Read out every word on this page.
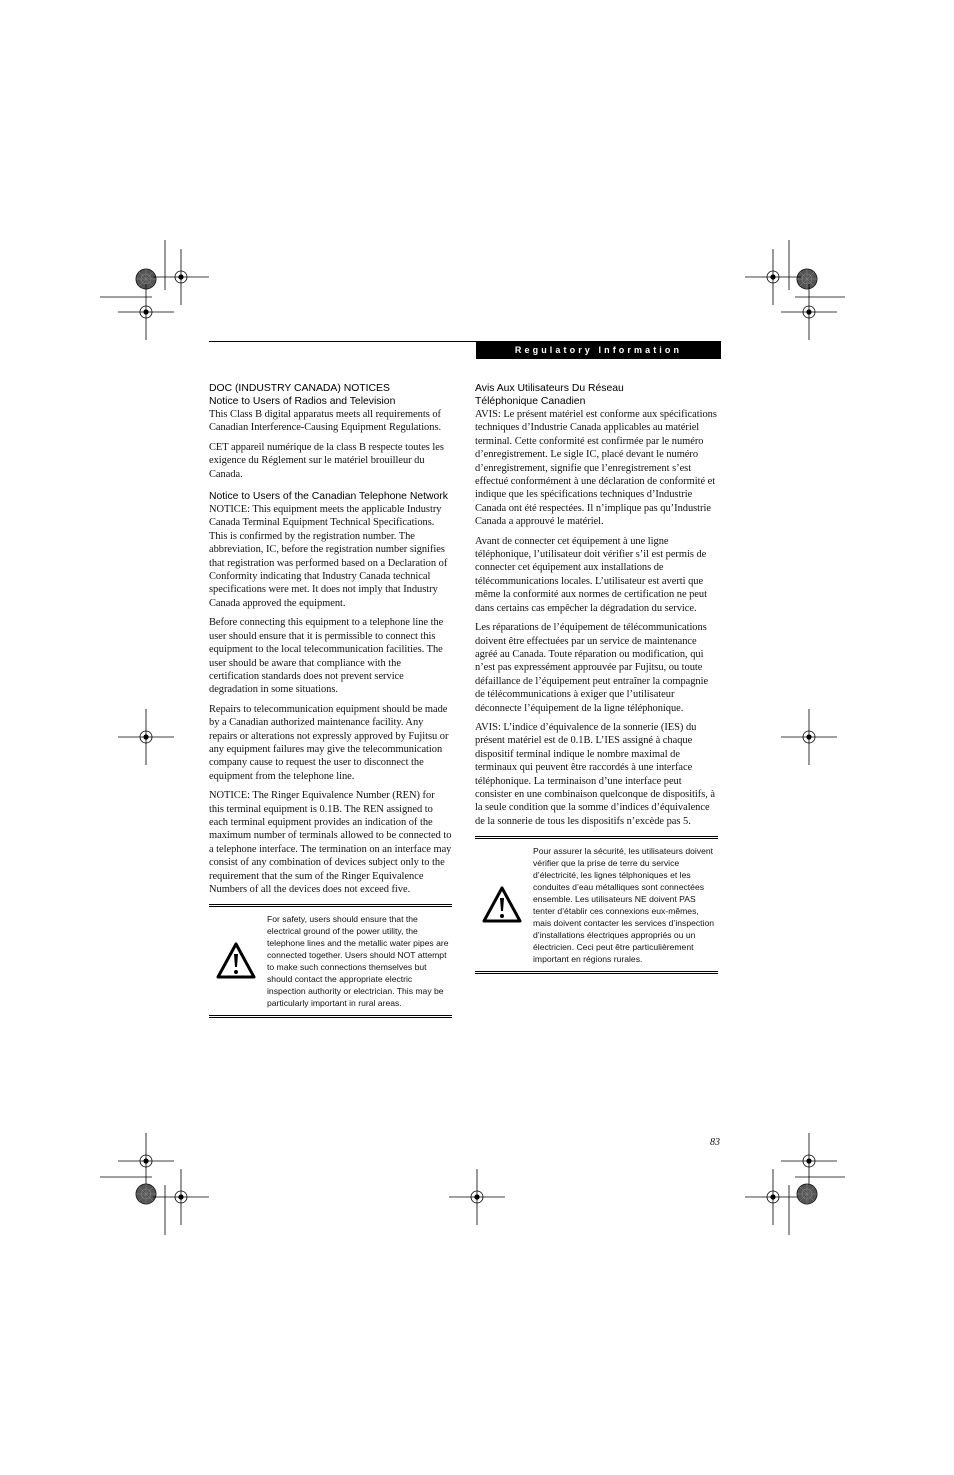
Regulatory Information
DOC (INDUSTRY CANADA) NOTICES
Notice to Users of Radios and Television

This Class B digital apparatus meets all requirements of Canadian Interference-Causing Equipment Regulations.

CET appareil numérique de la class B respecte toutes les exigence du Réglement sur le matériel brouilleur du Canada.

Notice to Users of the Canadian Telephone Network

NOTICE: This equipment meets the applicable Industry Canada Terminal Equipment Technical Specifications. This is confirmed by the registration number. The abbreviation, IC, before the registration number signifies that registration was performed based on a Declaration of Conformity indicating that Industry Canada technical specifications were met. It does not imply that Industry Canada approved the equipment.

Before connecting this equipment to a telephone line the user should ensure that it is permissible to connect this equipment to the local telecommunication facilities. The user should be aware that compliance with the certification standards does not prevent service degradation in some situations.

Repairs to telecommunication equipment should be made by a Canadian authorized maintenance facility. Any repairs or alterations not expressly approved by Fujitsu or any equipment failures may give the telecommunication company cause to request the user to disconnect the equipment from the telephone line.

NOTICE: The Ringer Equivalence Number (REN) for this terminal equipment is 0.1B. The REN assigned to each terminal equipment provides an indication of the maximum number of terminals allowed to be connected to a telephone interface. The termination on an interface may consist of any combination of devices subject only to the requirement that the sum of the Ringer Equivalence Numbers of all the devices does not exceed five.

For safety, users should ensure that the electrical ground of the power utility, the telephone lines and the metallic water pipes are connected together. Users should NOT attempt to make such connections themselves but should contact the appropriate electric inspection authority or electrician. This may be particularly important in rural areas.
Avis Aux Utilisateurs Du Réseau
Téléphonique Canadien

AVIS: Le présent matériel est conforme aux spécifications techniques d’Industrie Canada applicables au matériel terminal. Cette conformité est confirmée par le numéro d’enregistrement. Le sigle IC, placé devant le numéro d’enregistrement, signifie que l’enregistrement s’est effectué conformément à une déclaration de conformité et indique que les spécifications techniques d’Industrie Canada ont été respectées. Il n’implique pas qu’Industrie Canada a approuvé le matériel.

Avant de connecter cet équipement à une ligne téléphonique, l’utilisateur doit vérifier s’il est permis de connecter cet équipement aux installations de télécommunications locales. L’utilisateur est averti que même la conformité aux normes de certification ne peut dans certains cas empêcher la dégradation du service.

Les réparations de l’équipement de télécommunications doivent être effectuées par un service de maintenance agréé au Canada. Toute réparation ou modification, qui n’est pas expressément approuvée par Fujitsu, ou toute défaillance de l’équipement peut entraîner la compagnie de télécommunications à exiger que l’utilisateur déconnecte l’équipement de la ligne téléphonique.

AVIS: L’indice d’équivalence de la sonnerie (IES) du présent matériel est de 0.1B. L’IES assigné à chaque dispositif terminal indique le nombre maximal de terminaux qui peuvent être raccordés à une interface téléphonique. La terminaison d’une interface peut consister en une combinaison quelconque de dispositifs, à la seule condition que la somme d’indices d’équivalence de la sonnerie de tous les dispositifs n’excède pas 5.

Pour assurer la sécurité, les utilisateurs doivent vérifier que la prise de terre du service d’électricité, les lignes télphoniques et les conduites d’eau métalliques sont connectées ensemble. Les utilisateurs NE doivent PAS tenter d’établir ces connexions eux-mêmes, mais doivent contacter les services d’inspection d’installations électriques appropriés ou un électricien. Ceci peut être particulièrement important en régions rurales.
83
